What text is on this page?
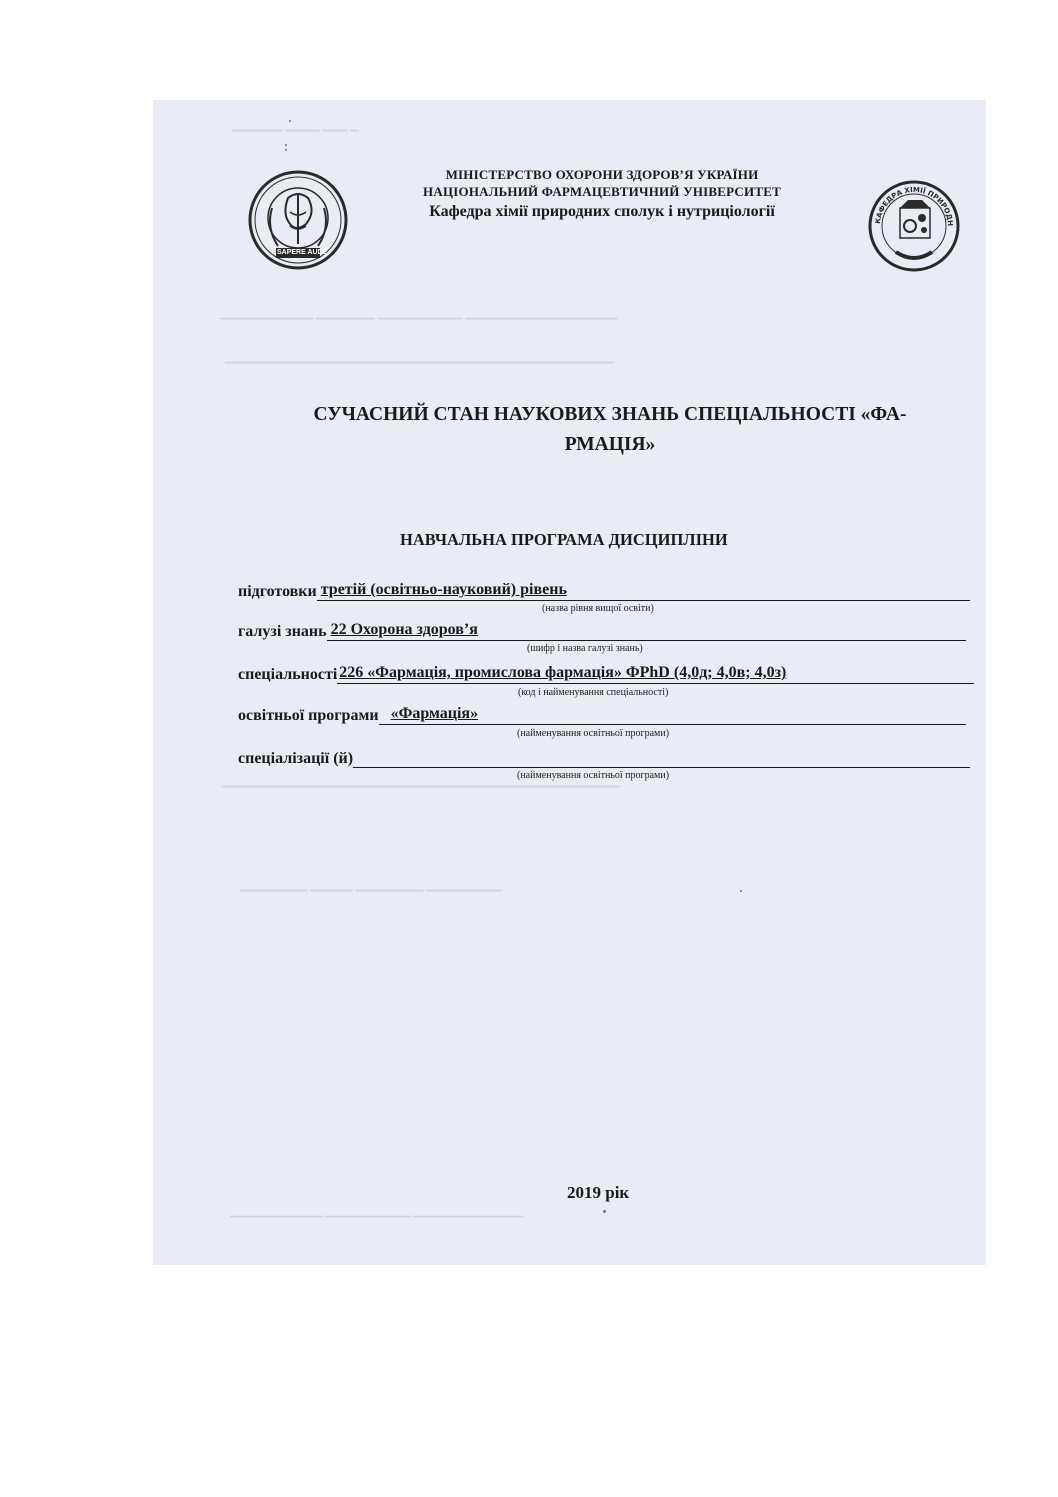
▔▔▔▔▔▔ ▔▔▔▔ ▔▔▔ ▔
▔▔▔▔▔▔▔▔▔▔▔ ▔▔▔▔▔▔▔ ▔▔▔▔▔▔▔▔▔▔ ▔▔▔▔▔▔▔▔▔▔▔▔▔▔▔▔▔▔
▔▔▔▔▔▔▔▔▔▔▔▔▔▔▔▔▔▔▔▔▔▔▔▔▔▔▔▔▔▔▔▔▔▔▔▔▔▔▔▔▔▔▔▔▔▔
▔▔▔▔▔▔▔▔▔▔▔▔▔▔▔▔▔▔▔▔▔▔▔▔▔▔▔▔▔▔▔▔▔▔▔▔▔▔▔▔▔▔▔▔▔▔▔
▔▔▔▔▔▔▔▔ ▔▔▔▔▔ ▔▔▔▔▔▔▔▔ ▔▔▔▔▔▔▔▔▔
▔▔▔▔▔▔▔▔▔▔▔ ▔▔▔▔▔▔▔▔▔▔ ▔▔▔▔▔▔▔▔▔▔▔▔▔
SAPERE AUDE
КАФЕДРА ХІМІЇ ПРИРОДН
МІНІСТЕРСТВО ОХОРОНИ ЗДОРОВ’Я УКРАЇНИ
НАЦІОНАЛЬНИЙ ФАРМАЦЕВТИЧНИЙ УНІВЕРСИТЕТ
Кафедра хімії природних сполук і нутриціології
СУЧАСНИЙ СТАН НАУКОВИХ ЗНАНЬ СПЕЦІАЛЬНОСТІ «ФА-
РМАЦІЯ»
НАВЧАЛЬНА ПРОГРАМА ДИСЦИПЛІНИ
підготовки третій (освітньо-науковий) рівень
(назва рівня вищої освіти)
галузі знань 22 Охорона здоров’я
(шифр і назва галузі знань)
спеціальності 226 «Фармація, промислова фармація» ФPhD (4,0д; 4,0в; 4,0з)
(код і найменування спеціальності)
освітньої програми «Фармація»
(найменування освітньої програми)
спеціалізації (й)
(найменування освітньої програми)
2019 рік
